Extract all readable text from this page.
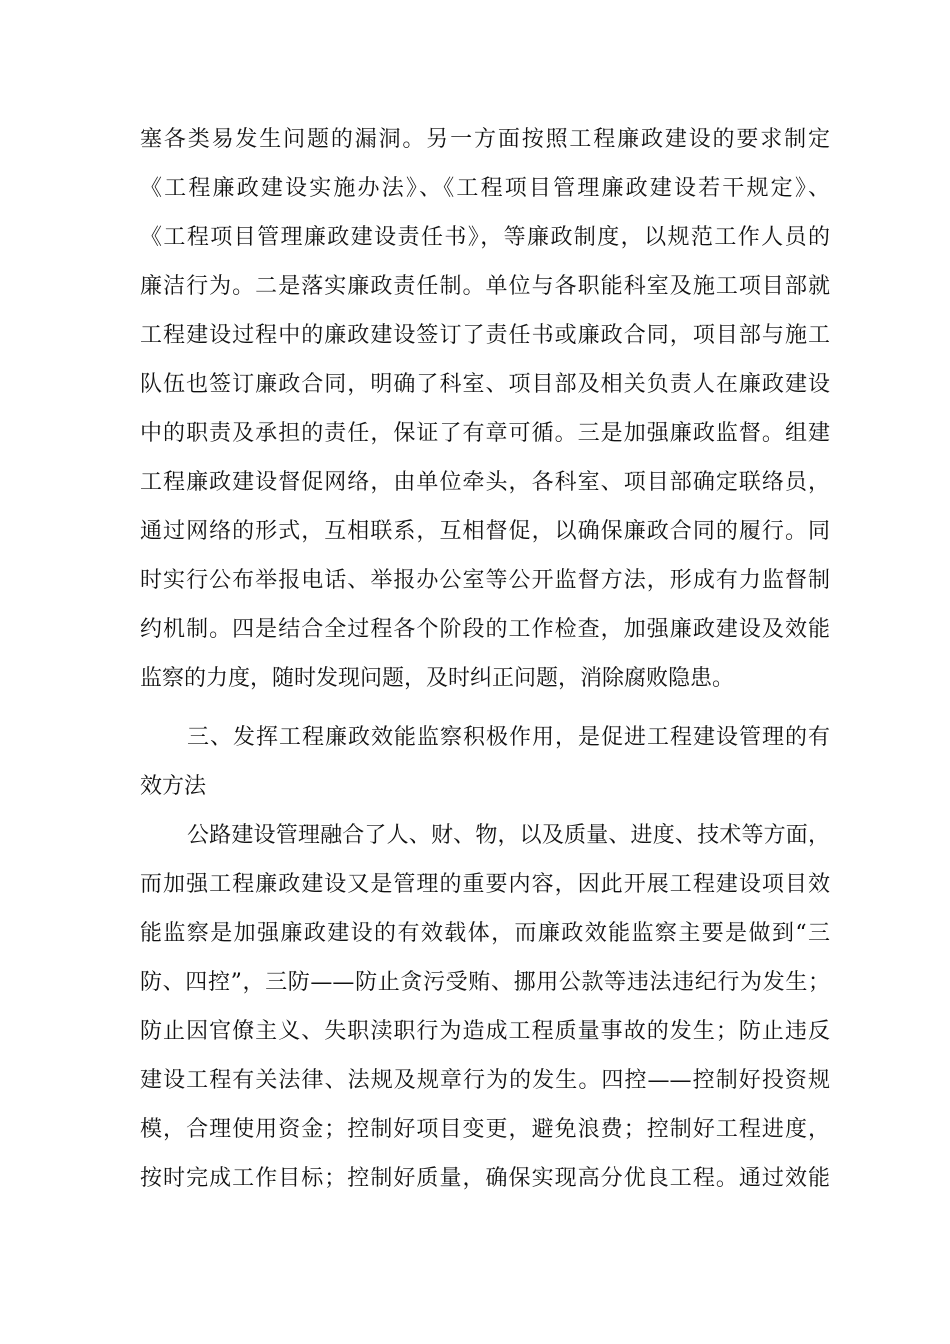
塞各类易发生问题的漏洞。另一方面按照工程廉政建设的要求制定
《工程廉政建设实施办法》、《工程项目管理廉政建设若干规定》、
《工程项目管理廉政建设责任书》，等廉政制度，以规范工作人员的
廉洁行为。二是落实廉政责任制。单位与各职能科室及施工项目部就
工程建设过程中的廉政建设签订了责任书或廉政合同，项目部与施工
队伍也签订廉政合同，明确了科室、项目部及相关负责人在廉政建设
中的职责及承担的责任，保证了有章可循。三是加强廉政监督。组建
工程廉政建设督促网络，由单位牵头，各科室、项目部确定联络员，
通过网络的形式，互相联系，互相督促，以确保廉政合同的履行。同
时实行公布举报电话、举报办公室等公开监督方法，形成有力监督制
约机制。四是结合全过程各个阶段的工作检查，加强廉政建设及效能
监察的力度，随时发现问题，及时纠正问题，消除腐败隐患。
三、发挥工程廉政效能监察积极作用，是促进工程建设管理的有
效方法
公路建设管理融合了人、财、物，以及质量、进度、技术等方面，
而加强工程廉政建设又是管理的重要内容，因此开展工程建设项目效
能监察是加强廉政建设的有效载体，而廉政效能监察主要是做到“三
防、四控”，三防——防止贪污受贿、挪用公款等违法违纪行为发生；
防止因官僚主义、失职渎职行为造成工程质量事故的发生；防止违反
建设工程有关法律、法规及规章行为的发生。四控——控制好投资规
模，合理使用资金；控制好项目变更，避免浪费；控制好工程进度，
按时完成工作目标；控制好质量，确保实现高分优良工程。通过效能
